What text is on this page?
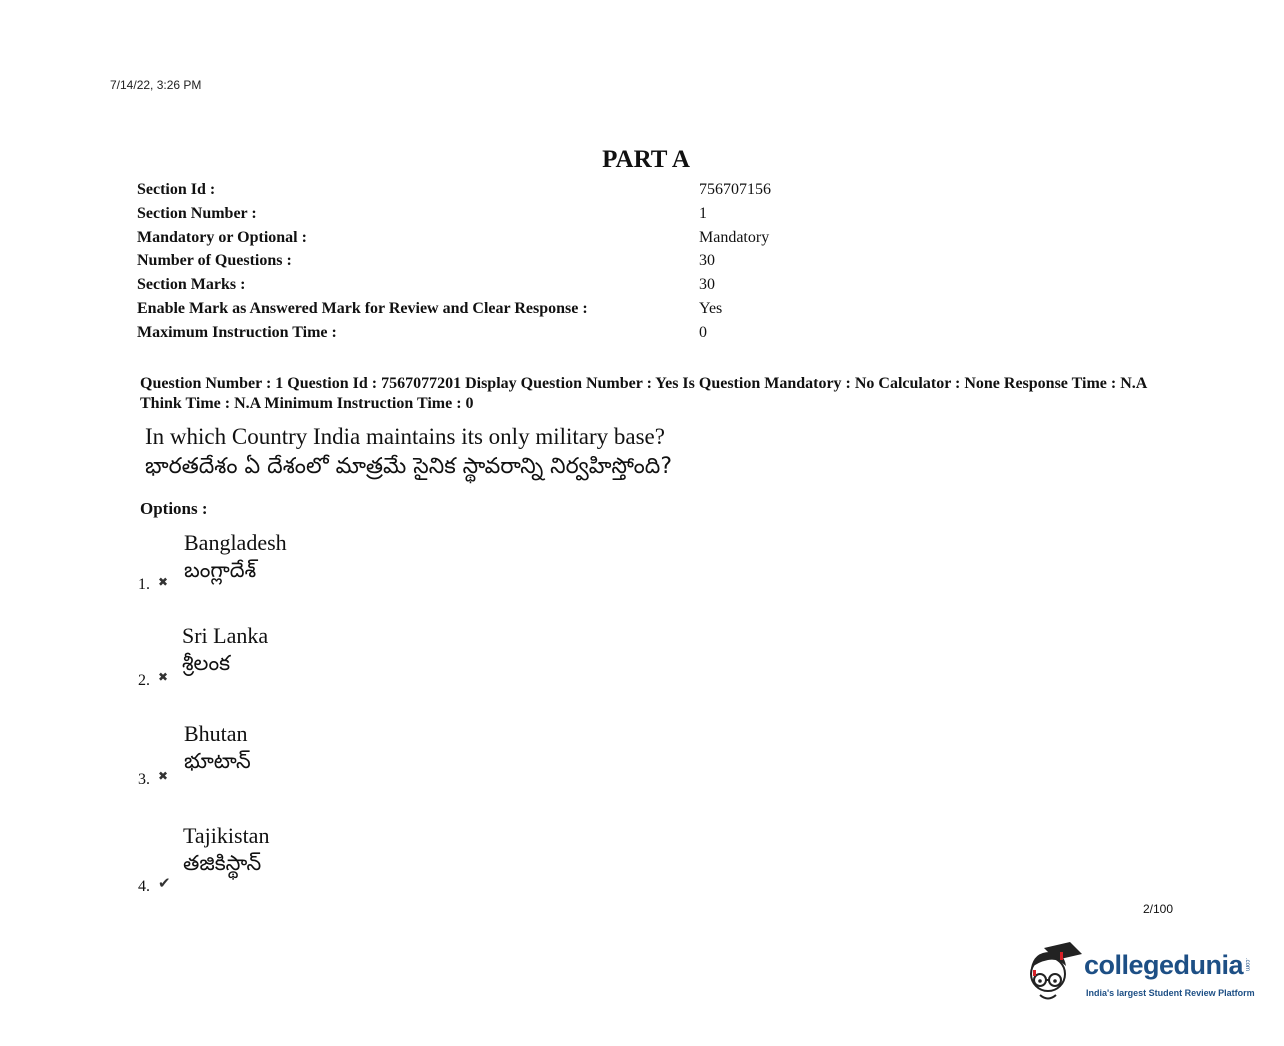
7/14/22, 3:26 PM
PART A
Section Id :	756707156
Section Number :	1
Mandatory or Optional :	Mandatory
Number of Questions :	30
Section Marks :	30
Enable Mark as Answered Mark for Review and Clear Response :	Yes
Maximum Instruction Time :	0
Question Number : 1 Question Id : 7567077201 Display Question Number : Yes Is Question Mandatory : No Calculator : None Response Time : N.A Think Time : N.A Minimum Instruction Time : 0
In which Country India maintains its only military base?
భారతదేశం ఏ దేశంలో మాత్రమే సైనిక స్థావరాన్ని నిర్వహిస్తోంది?
Options :
Bangladesh
బంగ్లాదేశ్
1. ✖
Sri Lanka
శ్రీలంక
2. ✖
Bhutan
భూటాన్
3. ✖
Tajikistan
తజికిస్థాన్
4. ✔
2/100
collegedunia .com
India's largest Student Review Platform
